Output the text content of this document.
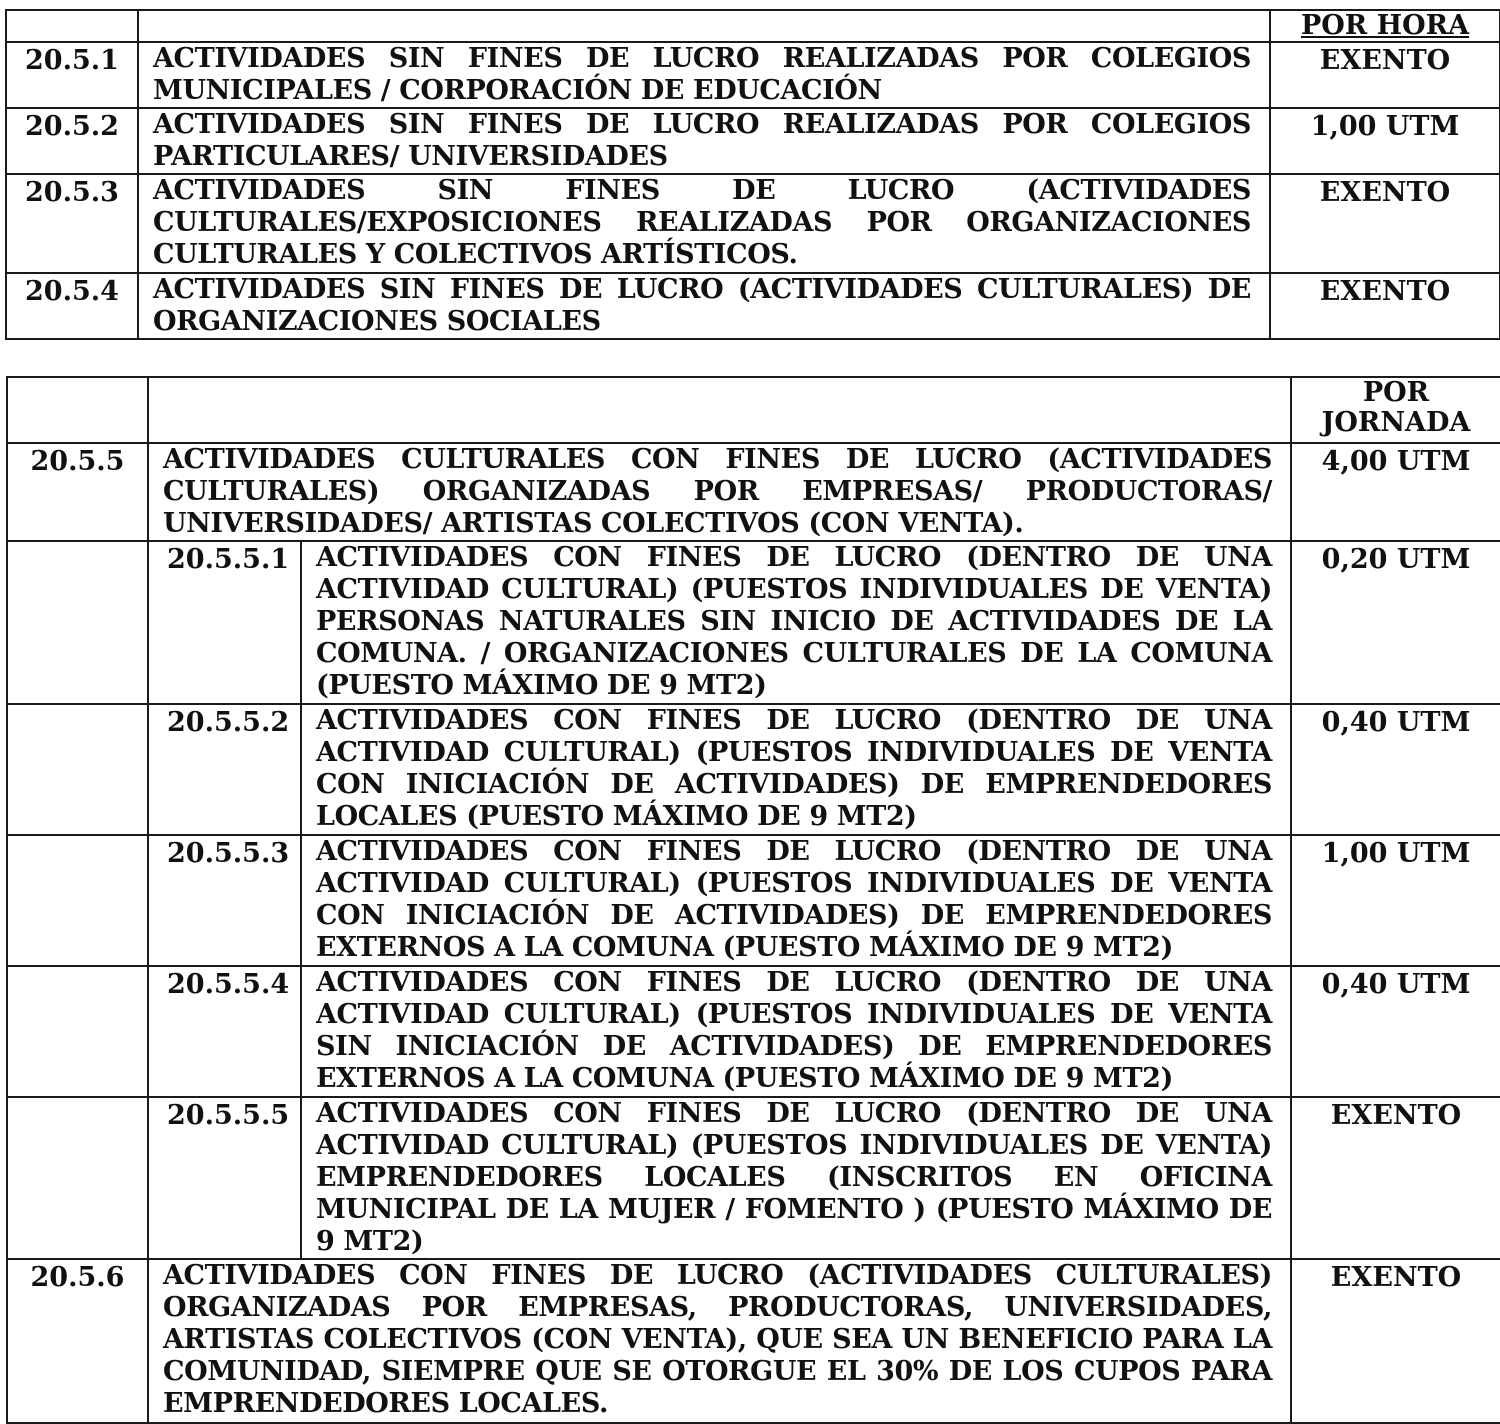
		POR HORA
20.5.1	ACTIVIDADES SIN FINES DE LUCRO REALIZADAS POR COLEGIOS MUNICIPALES / CORPORACIÓN DE EDUCACIÓN	EXENTO
20.5.2	ACTIVIDADES SIN FINES DE LUCRO REALIZADAS POR COLEGIOS PARTICULARES/ UNIVERSIDADES	1,00 UTM
20.5.3	ACTIVIDADES SIN FINES DE LUCRO (ACTIVIDADES CULTURALES/EXPOSICIONES REALIZADAS POR ORGANIZACIONES CULTURALES Y COLECTIVOS ARTÍSTICOS.	EXENTO
20.5.4	ACTIVIDADES SIN FINES DE LUCRO (ACTIVIDADES CULTURALES) DE ORGANIZACIONES SOCIALES	EXENTO

			POR
JORNADA

20.5.5	ACTIVIDADES CULTURALES CON FINES DE LUCRO (ACTIVIDADES CULTURALES) ORGANIZADAS POR EMPRESAS/ PRODUCTORAS/ UNIVERSIDADES/ ARTISTAS COLECTIVOS (CON VENTA).		4,00 UTM
	20.5.5.1	ACTIVIDADES CON FINES DE LUCRO (DENTRO DE UNA ACTIVIDAD CULTURAL) (PUESTOS INDIVIDUALES DE VENTA) PERSONAS NATURALES SIN INICIO DE ACTIVIDADES DE LA COMUNA. / ORGANIZACIONES CULTURALES DE LA COMUNA (PUESTO MÁXIMO DE 9 MT2)	0,20 UTM
	20.5.5.2	ACTIVIDADES CON FINES DE LUCRO (DENTRO DE UNA ACTIVIDAD CULTURAL) (PUESTOS INDIVIDUALES DE VENTA CON INICIACIÓN DE ACTIVIDADES) DE EMPRENDEDORES LOCALES (PUESTO MÁXIMO DE 9 MT2)	0,40 UTM
	20.5.5.3	ACTIVIDADES CON FINES DE LUCRO (DENTRO DE UNA ACTIVIDAD CULTURAL) (PUESTOS INDIVIDUALES DE VENTA CON INICIACIÓN DE ACTIVIDADES) DE EMPRENDEDORES EXTERNOS A LA COMUNA (PUESTO MÁXIMO DE 9 MT2)	1,00 UTM
	20.5.5.4	ACTIVIDADES CON FINES DE LUCRO (DENTRO DE UNA ACTIVIDAD CULTURAL) (PUESTOS INDIVIDUALES DE VENTA SIN INICIACIÓN DE ACTIVIDADES) DE EMPRENDEDORES EXTERNOS A LA COMUNA (PUESTO MÁXIMO DE 9 MT2)	0,40 UTM
	20.5.5.5	ACTIVIDADES CON FINES DE LUCRO (DENTRO DE UNA ACTIVIDAD CULTURAL) (PUESTOS INDIVIDUALES DE VENTA) EMPRENDEDORES LOCALES (INSCRITOS EN OFICINA MUNICIPAL DE LA MUJER / FOMENTO ) (PUESTO MÁXIMO DE 9 MT2)	EXENTO
20.5.6	ACTIVIDADES CON FINES DE LUCRO (ACTIVIDADES CULTURALES) ORGANIZADAS POR EMPRESAS, PRODUCTORAS, UNIVERSIDADES, ARTISTAS COLECTIVOS (CON VENTA), QUE SEA UN BENEFICIO PARA LA COMUNIDAD, SIEMPRE QUE SE OTORGUE EL 30% DE LOS CUPOS PARA EMPRENDEDORES LOCALES.		EXENTO
